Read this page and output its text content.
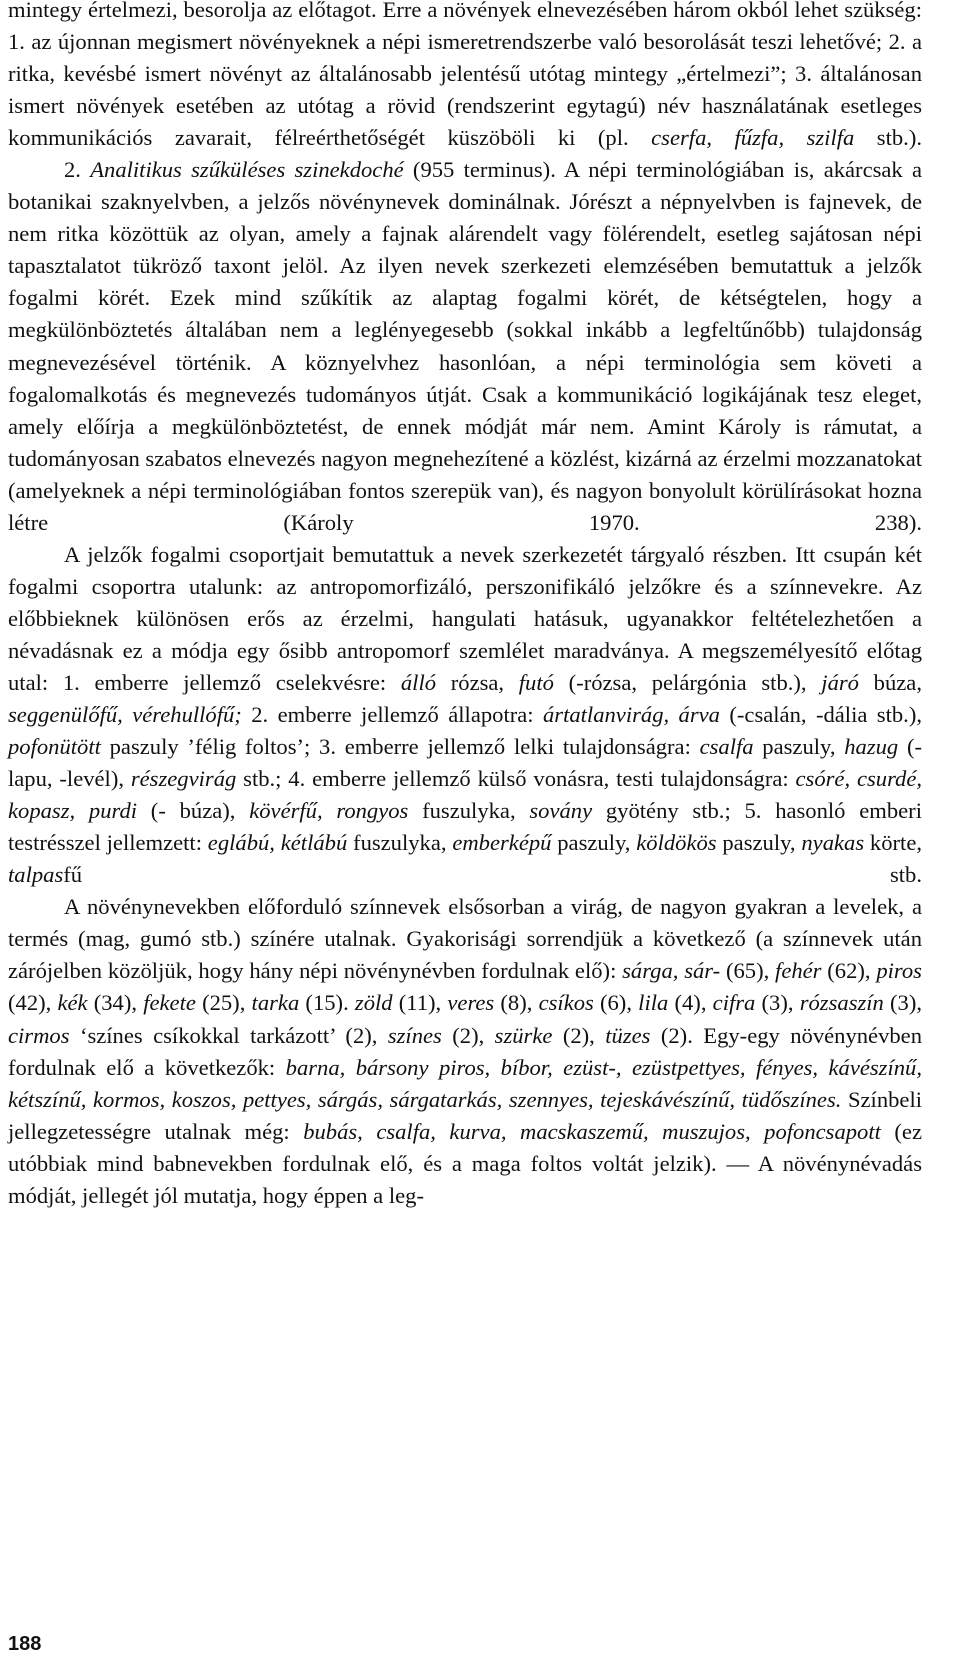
mintegy értelmezi, besorolja az előtagot. Erre a növények elnevezésében három okból lehet szükség: 1. az újonnan megismert növényeknek a népi ismeretrendszerbe való besorolását teszi lehetővé; 2. a ritka, kevésbé ismert növényt az általánosabb jelentésű utótag mintegy „értelmezi”; 3. általánosan ismert növények esetében az utótag a rövid (rendszerint egytagú) név használatának esetleges kommunikációs zavarait, félreérthetőségét küszöböli ki (pl. cserfa, fűzfa, szilfa stb.).

2. Analitikus szűküléses szinekdoché (955 terminus). A népi terminológiában is, akárcsak a botanikai szaknyelvben, a jelzős növénynevek dominálnak. Jórészt a népnyelvben is fajnevek, de nem ritka közöttük az olyan, amely a fajnak alárendelt vagy fölérendelt, esetleg sajátosan népi tapasztalatot tükröző taxont jelöl. Az ilyen nevek szerkezeti elemzésében bemutattuk a jelzők fogalmi körét. Ezek mind szűkítik az alaptag fogalmi körét, de kétségtelen, hogy a megkülönböztetés általában nem a leglényegesebb (sokkal inkább a legfeltűnőbb) tulajdonság megnevezésével történik. A köznyelvhez hasonlóan, a népi terminológia sem követi a fogalomalkotás és megnevezés tudományos útját. Csak a kommunikáció logikájának tesz eleget, amely előírja a megkülönböztetést, de ennek módját már nem. Amint Károly is rámutat, a tudományosan szabatos elnevezés nagyon megnehezítené a közlést, kizárná az érzelmi mozzanatokat (amelyeknek a népi terminológiában fontos szerepük van), és nagyon bonyolult körülírásokat hozna létre (Károly 1970. 238).

A jelzők fogalmi csoportjait bemutattuk a nevek szerkezetét tárgyaló részben. Itt csupán két fogalmi csoportra utalunk: az antropomorfizáló, perszonifikáló jelzőkre és a színnevekre. Az előbbieknek különösen erős az érzelmi, hangulati hatásuk, ugyanakkor feltételezhetően a névadásnak ez a módja egy ősibb antropomorf szemlélet maradványa. A megszemélyesítő előtag utal: 1. emberre jellemző cselekvésre: álló rózsa, futó (-rózsa, pelárgónia stb.), járó búza, seggenülőfű, vérehullófű; 2. emberre jellemző állapotra: ártatlanvirág, árva (-csalán, -dália stb.), pofonütött paszuly ’félig foltos’; 3. emberre jellemző lelki tulajdonságra: csalfa paszuly, hazug (-lapu, -levél), részegvirág stb.; 4. emberre jellemző külső vonásra, testi tulajdonságra: csóré, csurdé, kopasz, purdi (- búza), kövérfű, rongyos fuszulyka, sovány gyötény stb.; 5. hasonló emberi testrésszel jellemzett: eglábú, kétlábú fuszulyka, emberképű paszuly, köldökös paszuly, nyakas körte, talpasfű stb.

A növénynevekben előforduló színnevek elsősorban a virág, de nagyon gyakran a levelek, a termés (mag, gumó stb.) színére utalnak. Gyakorisági sorrendjük a következő (a színnevek után zárójelben közöljük, hogy hány népi növénynévben fordulnak elő): sárga, sár- (65), fehér (62), piros (42), kék (34), fekete (25), tarka (15). zöld (11), veres (8), csíkos (6), lila (4), cifra (3), rózsaszín (3), cirmos ‘színes csíkokkal tarkázott’ (2), színes (2), szürke (2), tüzes (2). Egy-egy növénynévben fordulnak elő a következők: barna, bársony piros, bíbor, ezüst-, ezüstpettyes, fényes, kávészínű, kétszínű, kormos, koszos, pettyes, sárgás, sárgatarkás, szennyes, tejeskávészínű, tüdőszínes. Színbeli jellegzetességre utalnak még: bubás, csalfa, kurva, macskaszemű, muszujos, pofoncsapott (ez utóbbiak mind babnevekben fordulnak elő, és a maga foltos voltát jelzik). — A növénynévadás módját, jellegét jól mutatja, hogy éppen a leg-

188
